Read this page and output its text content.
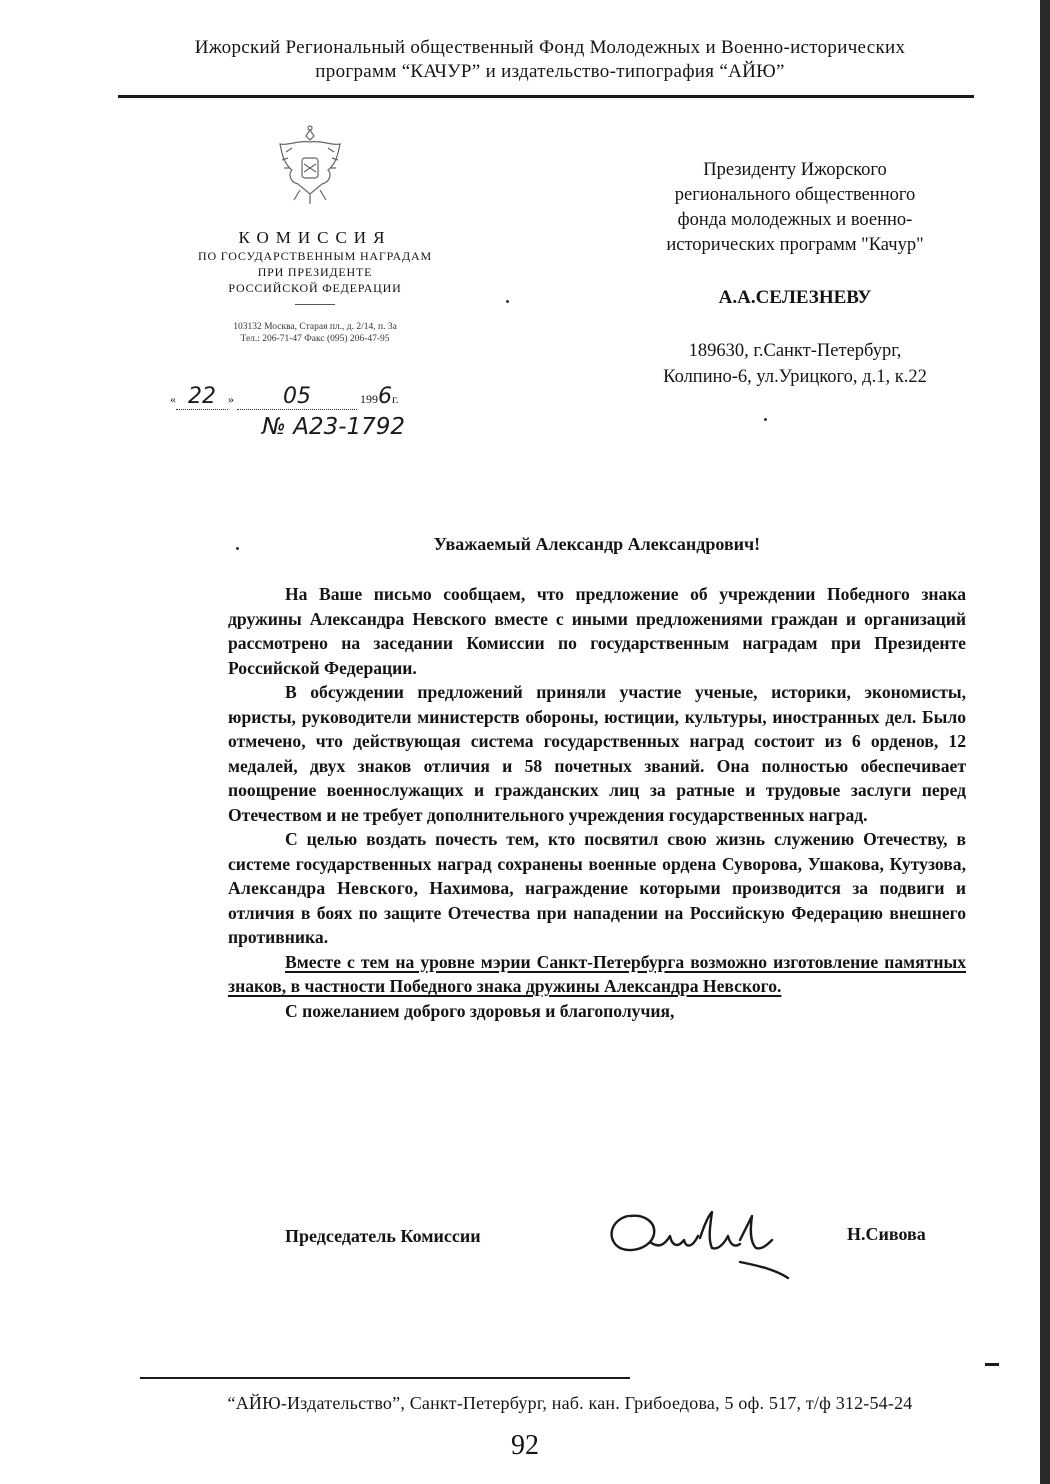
Ижорский Региональный общественный Фонд Молодежных и Военно-исторических
программ “КАЧУР” и издательство-типография “АЙЮ”
КОМИССИЯ
ПО ГОСУДАРСТВЕННЫМ НАГРАДАМ
ПРИ ПРЕЗИДЕНТЕ
РОССИЙСКОЙ ФЕДЕРАЦИИ
103132 Москва, Старая пл., д. 2/14, п. 3а
Тел.: 206-71-47 Факс (095) 206-47-95
« 22 » 05	1996г.
№ А23-1792
Президенту Ижорского
регионального общественного
фонда молодежных и военно-
исторических программ "Качур"
А.А.СЕЛЕЗНЕВУ
189630, г.Санкт-Петербург,
Колпино-6, ул.Урицкого, д.1, к.22
Уважаемый Александр Александрович!

На Ваше письмо сообщаем, что предложение об учреждении Победного знака дружины Александра Невского вместе с иными предложениями граждан и организаций рассмотрено на заседании Комиссии по государственным наградам при Президенте Российской Федерации.

В обсуждении предложений приняли участие ученые, историки, экономисты, юристы, руководители министерств обороны, юстиции, культуры, иностранных дел. Было отмечено, что действующая система государственных наград состоит из 6 орденов, 12 медалей, двух знаков отличия и 58 почетных званий. Она полностью обеспечивает поощрение военнослужащих и гражданских лиц за ратные и трудовые заслуги перед Отечеством и не требует дополнительного учреждения государственных наград.

С целью воздать почесть тем, кто посвятил свою жизнь служению Отечеству, в системе государственных наград сохранены военные ордена Суворова, Ушакова, Кутузова, Александра Невского, Нахимова, награждение которыми производится за подвиги и отличия в боях по защите Отечества при нападении на Российскую Федерацию внешнего противника.

Вместе с тем на уровне мэрии Санкт-Петербурга возможно изготовление памятных знаков, в частности Победного знака дружины Александра Невского.

С пожеланием доброго здоровья и благополучия,

Председатель Комиссии	Н.Сивова
“АЙЮ-Издательство”, Санкт-Петербург, наб. кан. Грибоедова, 5 оф. 517, т/ф 312-54-24
92
